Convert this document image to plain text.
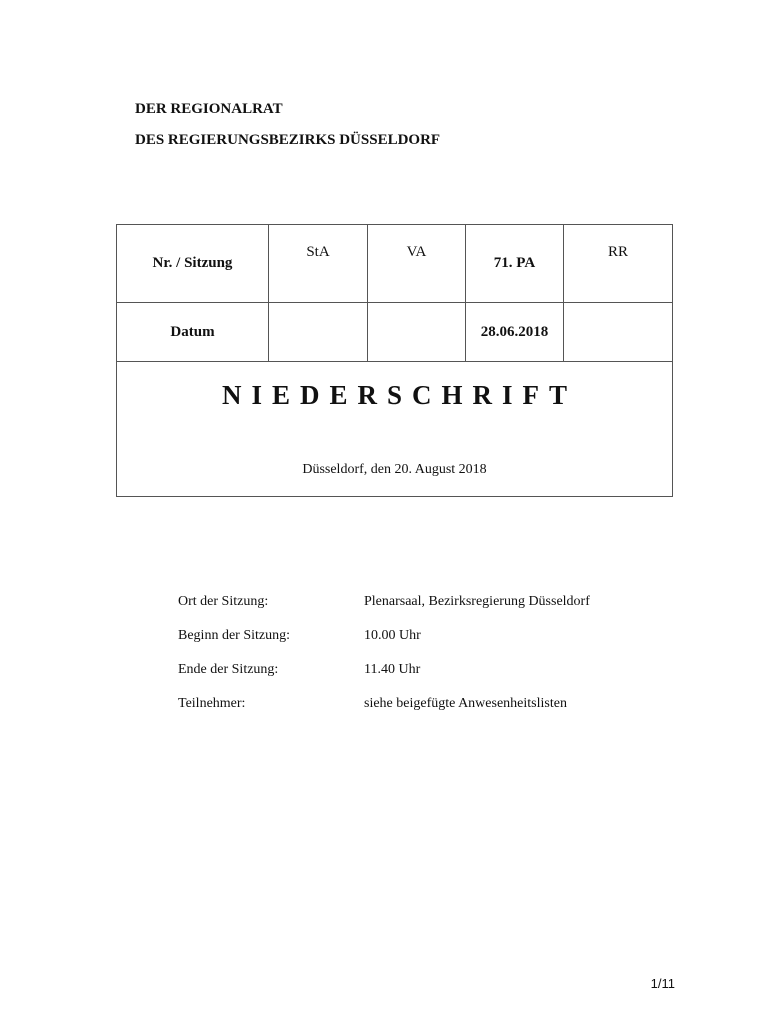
DER REGIONALRAT
DES REGIERUNGSBEZIRKS DÜSSELDORF
Nr. / Sitzung	StA	VA	71. PA	RR
Datum			28.06.2018	

NIEDERSCHRIFT
Düsseldorf, den 20. August 2018				
Ort der Sitzung:	Plenarsaal, Bezirksregierung Düsseldorf
Beginn der Sitzung:	10.00 Uhr
Ende der Sitzung:	11.40 Uhr
Teilnehmer:	siehe beigefügte Anwesenheitslisten
1/11
